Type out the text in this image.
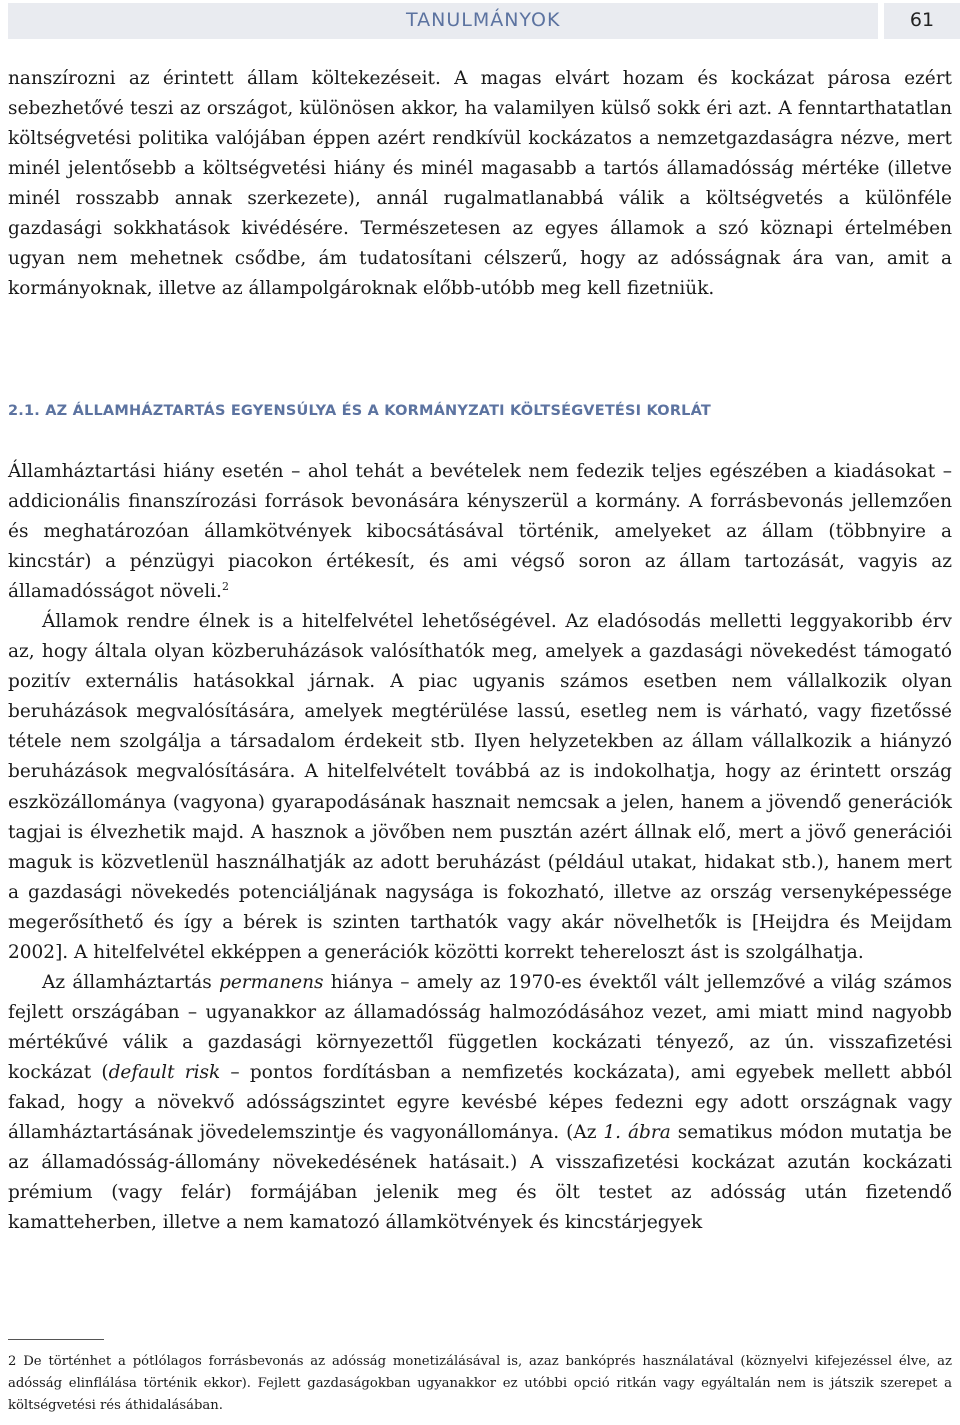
TANULMÁNYOK	61

nanszírozni az érintett állam költekezéseit. A magas elvárt hozam és kockázat párosa ezért sebezhetővé teszi az országot, különösen akkor, ha valamilyen külső sokk éri azt. A fenntarthatatlan költségvetési politika valójában éppen azért rendkívül kockázatos a nemzetgazdaságra nézve, mert minél jelentősebb a költségvetési hiány és minél magasabb a tartós államadósság mértéke (illetve minél rosszabb annak szerkezete), annál rugalmatlanabbá válik a költségvetés a különféle gazdasági sokkhatások kivédésére. Természetesen az egyes államok a szó köznapi értelmében ugyan nem mehetnek csődbe, ám tudatosítani célszerű, hogy az adósságnak ára van, amit a kormányoknak, illetve az állampolgároknak előbb-utóbb meg kell fizetniük.

2.1. AZ ÁLLAMHÁZTARTÁS EGYENSÚLYA ÉS A KORMÁNYZATI KÖLTSÉGVETÉSI KORLÁT

Államháztartási hiány esetén – ahol tehát a bevételek nem fedezik teljes egészében a kiadásokat – addicionális finanszírozási források bevonására kényszerül a kormány. A forrásbevonás jellemzően és meghatározóan államkötvények kibocsátásával történik, amelyeket az állam (többnyire a kincstár) a pénzügyi piacokon értékesít, és ami végső soron az állam tartozását, vagyis az államadósságot növeli.$^2$

Államok rendre élnek is a hitelfelvétel lehetőségével. Az eladósodás melletti leggyakoribb érv az, hogy általa olyan közberuházások valósíthatók meg, amelyek a gazdasági növekedést támogató pozitív externális hatásokkal járnak. A piac ugyanis számos esetben nem vállalkozik olyan beruházások megvalósítására, amelyek megtérülése lassú, esetleg nem is várható, vagy fizetőssé tétele nem szolgálja a társadalom érdekeit stb. Ilyen helyzetekben az állam vállalkozik a hiányzó beruházások megvalósítására. A hitelfelvételt továbbá az is indokolhatja, hogy az érintett ország eszközállománya (vagyona) gyarapodásának hasznait nemcsak a jelen, hanem a jövendő generációk tagjai is élvezhetik majd. A hasznok a jövőben nem pusztán azért állnak elő, mert a jövő generációi maguk is közvetlenül használhatják az adott beruházást (például utakat, hidakat stb.), hanem mert a gazdasági növekedés potenciáljának nagysága is fokozható, illetve az ország versenyképessége megerősíthető és így a bérek is szinten tarthatók vagy akár növelhetők is [Heijdra és Meijdam 2002]. A hitelfelvétel ekképpen a generációk közötti korrekt tehereloszt ást is szolgálhatja.

Az államháztartás permanens hiánya – amely az 1970-es évektől vált jellemzővé a világ számos fejlett országában – ugyanakkor az államadósság halmozódásához vezet, ami miatt mind nagyobb mértékűvé válik a gazdasági környezettől független kockázati tényező, az ún. visszafizetési kockázat (default risk – pontos fordításban a nemfizetés kockázata), ami egyebek mellett abból fakad, hogy a növekvő adósságszintet egyre kevésbé képes fedezni egy adott országnak vagy államháztartásának jövedelemszintje és vagyonállománya. (Az 1. ábra sematikus módon mutatja be az államadósság-állomány növekedésének hatásait.) A visszafizetési kockázat azután kockázati prémium (vagy felár) formájában jelenik meg és ölt testet az adósság után fizetendő kamatteherben, illetve a nem kamatozó államkötvények és kincstárjegyek

2 De történhet a pótlólagos forrásbevonás az adósság monetizálásával is, azaz bankóprés használatával (köznyelvi kifejezéssel élve, az adósság elinflálása történik ekkor). Fejlett gazdaságokban ugyanakkor ez utóbbi opció ritkán vagy egyáltalán nem is játszik szerepet a költségvetési rés áthidalásában.
